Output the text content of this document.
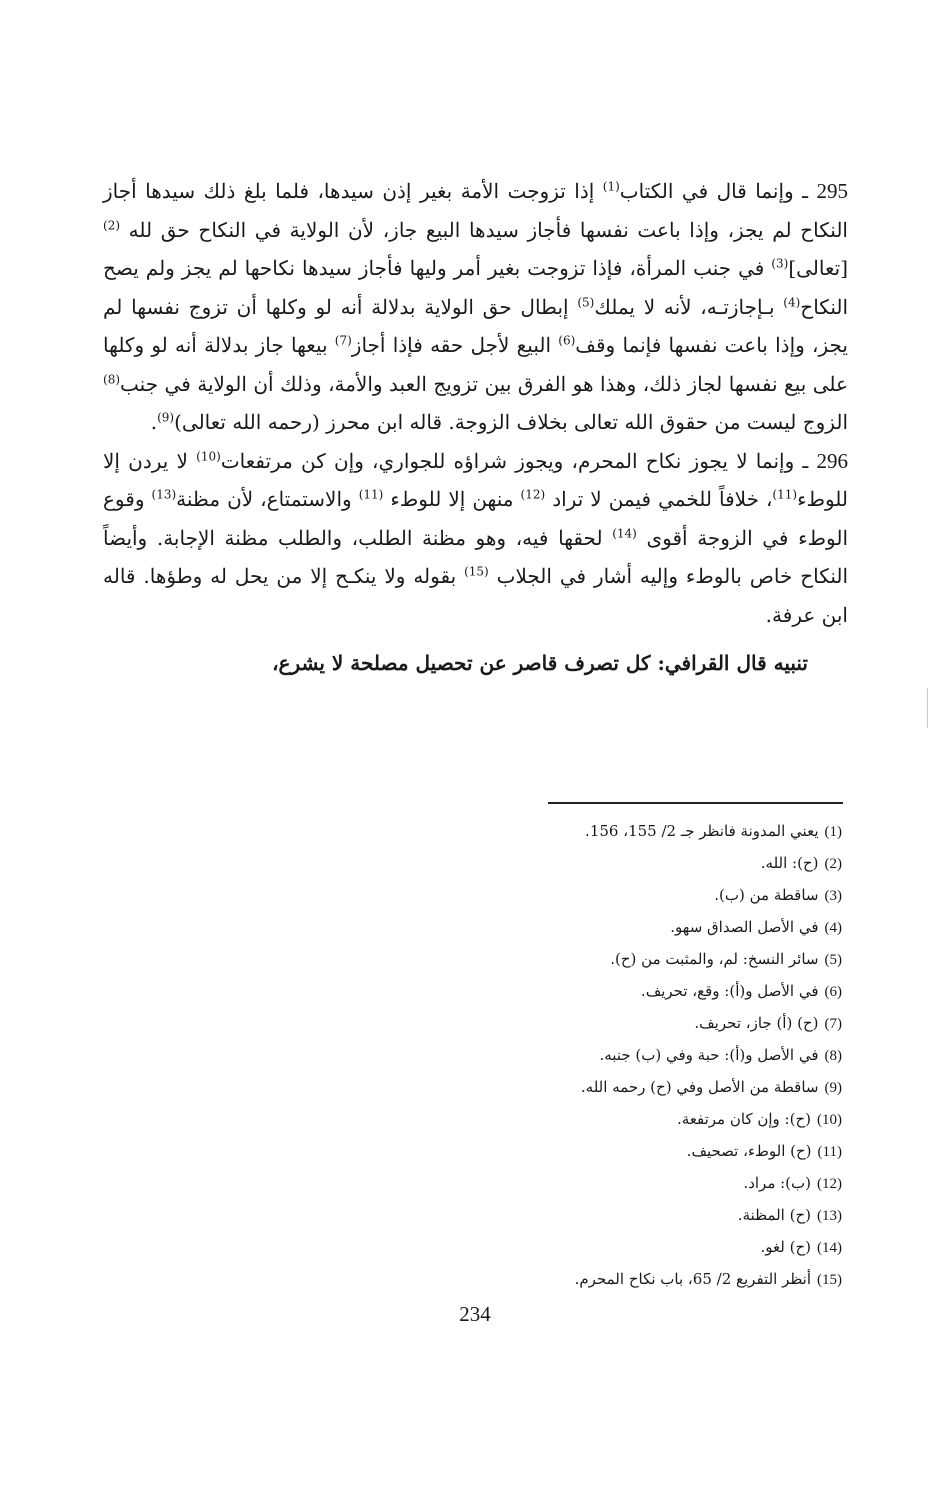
295 ـ وإنما قال في الكتاب$^{(1)}$ إذا تزوجت الأمة بغير إذن سيدها، فلما بلغ ذلك سيدها أجاز النكاح لم يجز، وإذا باعت نفسها فأجاز سيدها البيع جاز، لأن الولاية في النكاح حق لله $^{(2)}$ [تعالى]$^{(3)}$ في جنب المرأة، فإذا تزوجت بغير أمر وليها فأجاز سيدها نكاحها لم يجز ولم يصح النكاح$^{(4)}$ بـإجازتـه، لأنه لا يملك$^{(5)}$ إبطال حق الولاية بدلالة أنه لو وكلها أن تزوج نفسها لم يجز، وإذا باعت نفسها فإنما وقف$^{(6)}$ البيع لأجل حقه فإذا أجاز$^{(7)}$ بيعها جاز بدلالة أنه لو وكلها على بيع نفسها لجاز ذلك، وهذا هو الفرق بين تزويج العبد والأمة، وذلك أن الولاية في جنب$^{(8)}$ الزوج ليست من حقوق الله تعالى بخلاف الزوجة. قاله ابن محرز (رحمه الله تعالى)$^{(9)}$.

296 ـ وإنما لا يجوز نكاح المحرم، ويجوز شراؤه للجواري، وإن كن مرتفعات$^{(10)}$ لا يردن إلا للوطء$^{(11)}$، خلافاً للخمي فيمن لا تراد $^{(12)}$ منهن إلا للوطء $^{(11)}$ والاستمتاع، لأن مظنة$^{(13)}$ وقوع الوطء في الزوجة أقوى $^{(14)}$ لحقها فيه، وهو مظنة الطلب، والطلب مظنة الإجابة. وأيضاً النكاح خاص بالوطء وإليه أشار في الجلاب $^{(15)}$ بقوله ولا ينكـح إلا من يحل له وطؤها. قاله ابن عرفة.

تنبيه قال القرافي: كل تصرف قاصر عن تحصيل مصلحة لا يشرع،

(1)يعني المدونة فانظر جـ 2/ 155، 156.
(2)(ح): الله.
(3)ساقطة من (ب).
(4)في الأصل الصداق سهو.
(5)سائر النسخ: لم، والمثبت من (ح).
(6)في الأصل و(أ): وقع، تحريف.
(7)(ح) (أ) جاز، تحريف.
(8)في الأصل و(أ): حبة وفي (ب) جنبه.
(9)ساقطة من الأصل وفي (ح) رحمه الله.
(10)(ح): وإن كان مرتفعة.
(11)(ح) الوطء، تصحيف.
(12)(ب): مراد.
(13)(ح) المظنة.
(14)(ح) لغو.
(15)أنظر التفريع 2/ 65، باب نكاح المحرم.
234
